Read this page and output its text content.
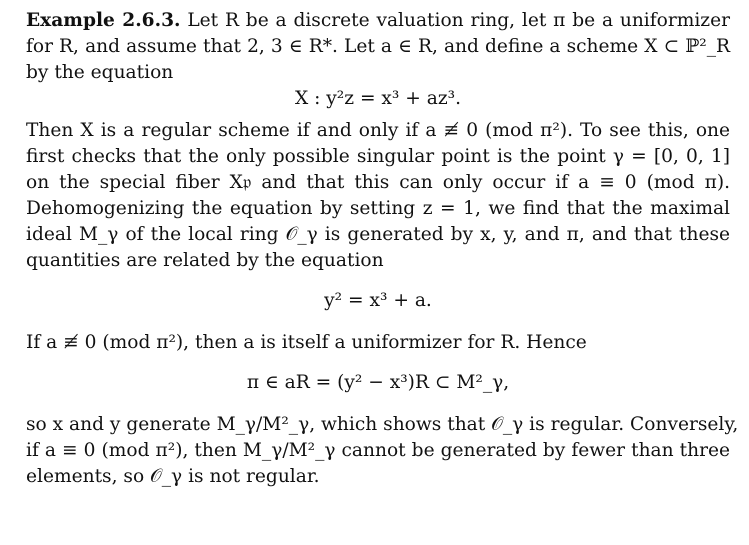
Example 2.6.3. Let R be a discrete valuation ring, let π be a uniformizer
for R, and assume that 2, 3 ∈ R*. Let a ∈ R, and define a scheme X ⊂ ℙ²_R
by the equation
X : y²z = x³ + az³.
Then X is a regular scheme if and only if a ≢ 0 (mod π²). To see this, one
first checks that the only possible singular point is the point γ = [0, 0, 1]
on the special fiber X𝔭 and that this can only occur if a ≡ 0 (mod π).
Dehomogenizing the equation by setting z = 1, we find that the maximal
ideal M_γ of the local ring 𝒪_γ is generated by x, y, and π, and that these
quantities are related by the equation
y² = x³ + a.
If a ≢ 0 (mod π²), then a is itself a uniformizer for R. Hence
π ∈ aR = (y² − x³)R ⊂ M²_γ,
so x and y generate M_γ/M²_γ, which shows that 𝒪_γ is regular. Conversely,
if a ≡ 0 (mod π²), then M_γ/M²_γ cannot be generated by fewer than three
elements, so 𝒪_γ is not regular.
